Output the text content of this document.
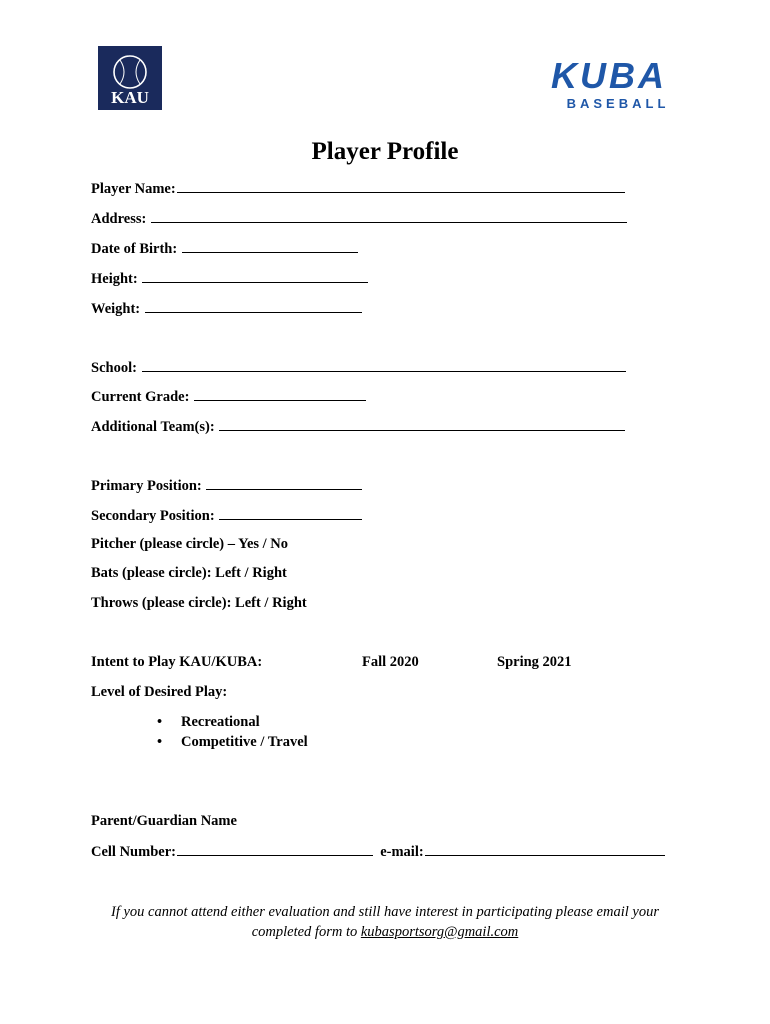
KAU
KUBA
BASEBALL
Player Profile
Player Name:
Address:
Date of Birth:
Height:
Weight:
School:
Current Grade:
Additional Team(s):
Primary Position:
Secondary Position:
Pitcher (please circle) – Yes / No
Bats (please circle): Left / Right
Throws (please circle): Left / Right
Intent to Play KAU/KUBA:	Fall 2020	Spring 2021
Level of Desired Play:
• Recreational
• Competitive / Travel
Parent/Guardian Name
Cell Number:	e-mail:
If you cannot attend either evaluation and still have interest in participating please email your
completed form to kubasportsorg@gmail.com
